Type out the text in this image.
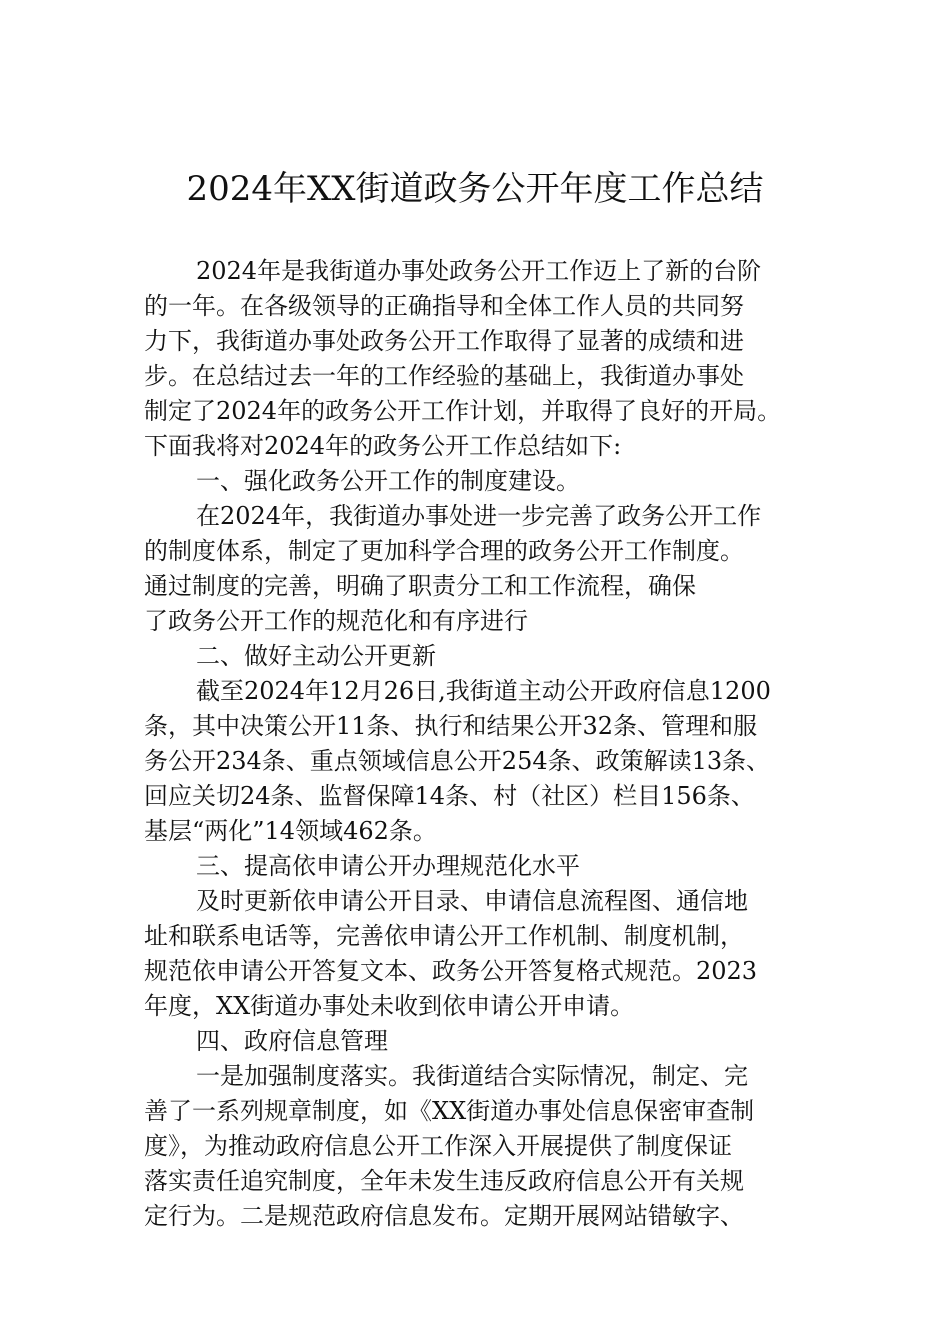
2024年XX街道政务公开年度工作总结
2024年是我街道办事处政务公开工作迈上了新的台阶
的一年。在各级领导的正确指导和全体工作人员的共同努
力下，我街道办事处政务公开工作取得了显著的成绩和进
步。在总结过去一年的工作经验的基础上，我街道办事处
制定了2024年的政务公开工作计划，并取得了良好的开局。
下面我将对2024年的政务公开工作总结如下:
一、强化政务公开工作的制度建设。
在2024年，我街道办事处进一步完善了政务公开工作
的制度体系，制定了更加科学合理的政务公开工作制度。
通过制度的完善，明确了职责分工和工作流程，确保
了政务公开工作的规范化和有序进行
二、做好主动公开更新
截至2024年12月26日,我街道主动公开政府信息1200
条，其中决策公开11条、执行和结果公开32条、管理和服
务公开234条、重点领域信息公开254条、政策解读13条、
回应关切24条、监督保障14条、村（社区）栏目156条、
基层“两化”14领域462条。
三、提高依申请公开办理规范化水平
及时更新依申请公开目录、申请信息流程图、通信地
址和联系电话等，完善依申请公开工作机制、制度机制，
规范依申请公开答复文本、政务公开答复格式规范。2023
年度，XX街道办事处未收到依申请公开申请。
四、政府信息管理
一是加强制度落实。我街道结合实际情况，制定、完
善了一系列规章制度，如《XX街道办事处信息保密审查制
度》，为推动政府信息公开工作深入开展提供了制度保证
落实责任追究制度，全年未发生违反政府信息公开有关规
定行为。二是规范政府信息发布。定期开展网站错敏字、
